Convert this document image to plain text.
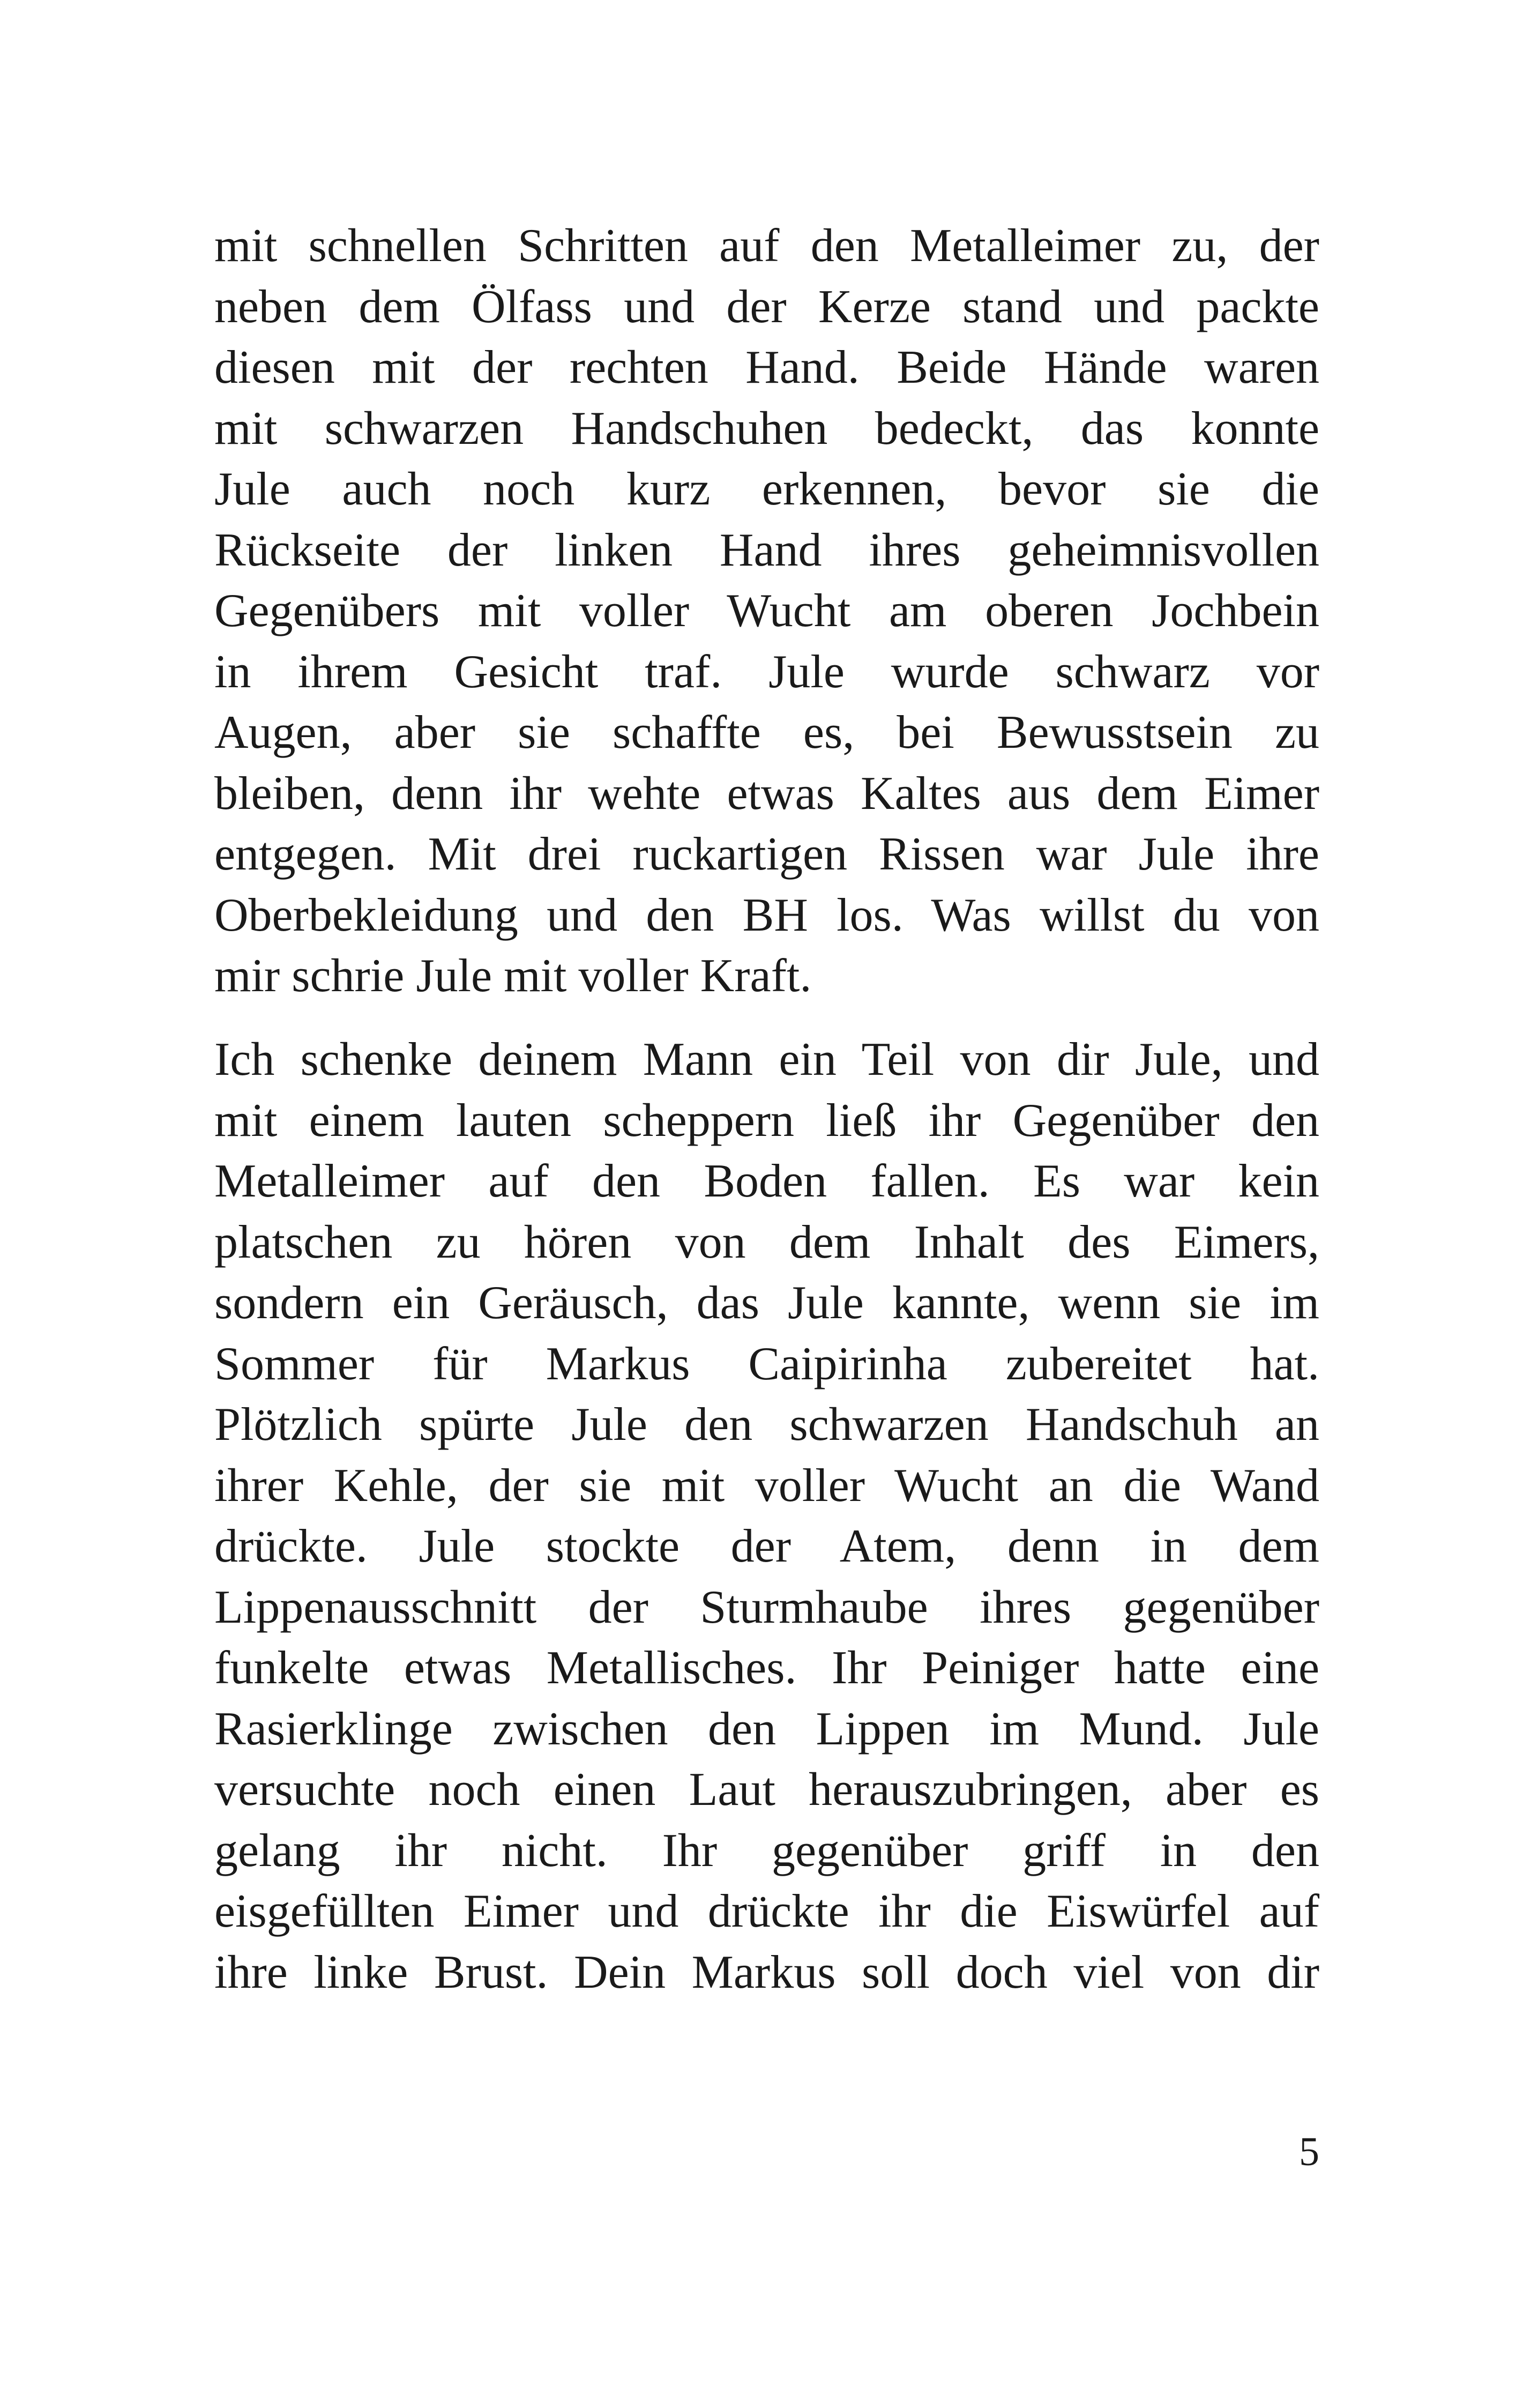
mit schnellen Schritten auf den Metalleimer zu, der
neben dem Ölfass und der Kerze stand und packte
diesen mit der rechten Hand. Beide Hände waren
mit schwarzen Handschuhen bedeckt, das konnte
Jule auch noch kurz erkennen, bevor sie die
Rückseite der linken Hand ihres geheimnisvollen
Gegenübers mit voller Wucht am oberen Jochbein
in ihrem Gesicht traf. Jule wurde schwarz vor
Augen, aber sie schaffte es, bei Bewusstsein zu
bleiben, denn ihr wehte etwas Kaltes aus dem Eimer
entgegen. Mit drei ruckartigen Rissen war Jule ihre
Oberbekleidung und den BH los. Was willst du von
mir schrie Jule mit voller Kraft.
Ich schenke deinem Mann ein Teil von dir Jule, und
mit einem lauten scheppern ließ ihr Gegenüber den
Metalleimer auf den Boden fallen. Es war kein
platschen zu hören von dem Inhalt des Eimers,
sondern ein Geräusch, das Jule kannte, wenn sie im
Sommer für Markus Caipirinha zubereitet hat.
Plötzlich spürte Jule den schwarzen Handschuh an
ihrer Kehle, der sie mit voller Wucht an die Wand
drückte. Jule stockte der Atem, denn in dem
Lippenausschnitt der Sturmhaube ihres gegenüber
funkelte etwas Metallisches. Ihr Peiniger hatte eine
Rasierklinge zwischen den Lippen im Mund. Jule
versuchte noch einen Laut herauszubringen, aber es
gelang ihr nicht. Ihr gegenüber griff in den
eisgefüllten Eimer und drückte ihr die Eiswürfel auf
ihre linke Brust. Dein Markus soll doch viel von dir
5
